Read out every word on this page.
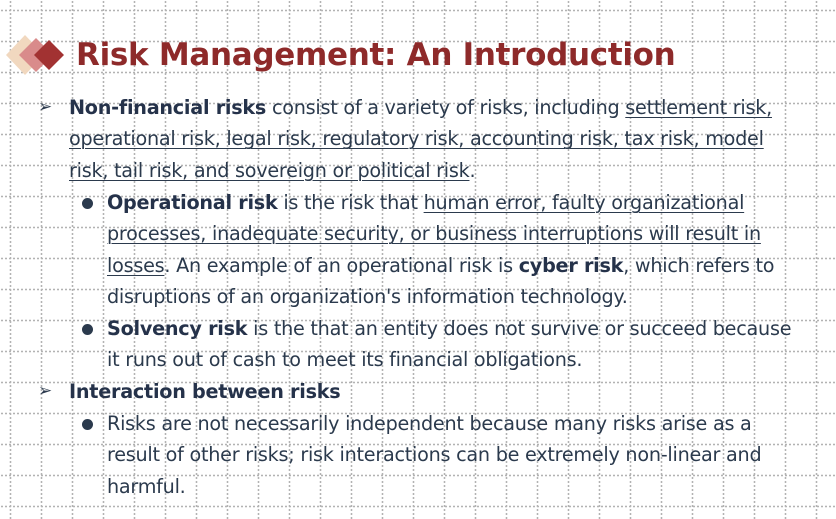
Risk Management: An Introduction
➢ Non-financial risks consist of a variety of risks, including settlement risk, operational risk, legal risk, regulatory risk, accounting risk, tax risk, model risk, tail risk, and sovereign or political risk.
Operational risk is the risk that human error, faulty organizational processes, inadequate security, or business interruptions will result in losses. An example of an operational risk is cyber risk, which refers to disruptions of an organization's information technology.
Solvency risk is the that an entity does not survive or succeed because it runs out of cash to meet its financial obligations.
➢ Interaction between risks
Risks are not necessarily independent because many risks arise as a result of other risks; risk interactions can be extremely non-linear and harmful.
